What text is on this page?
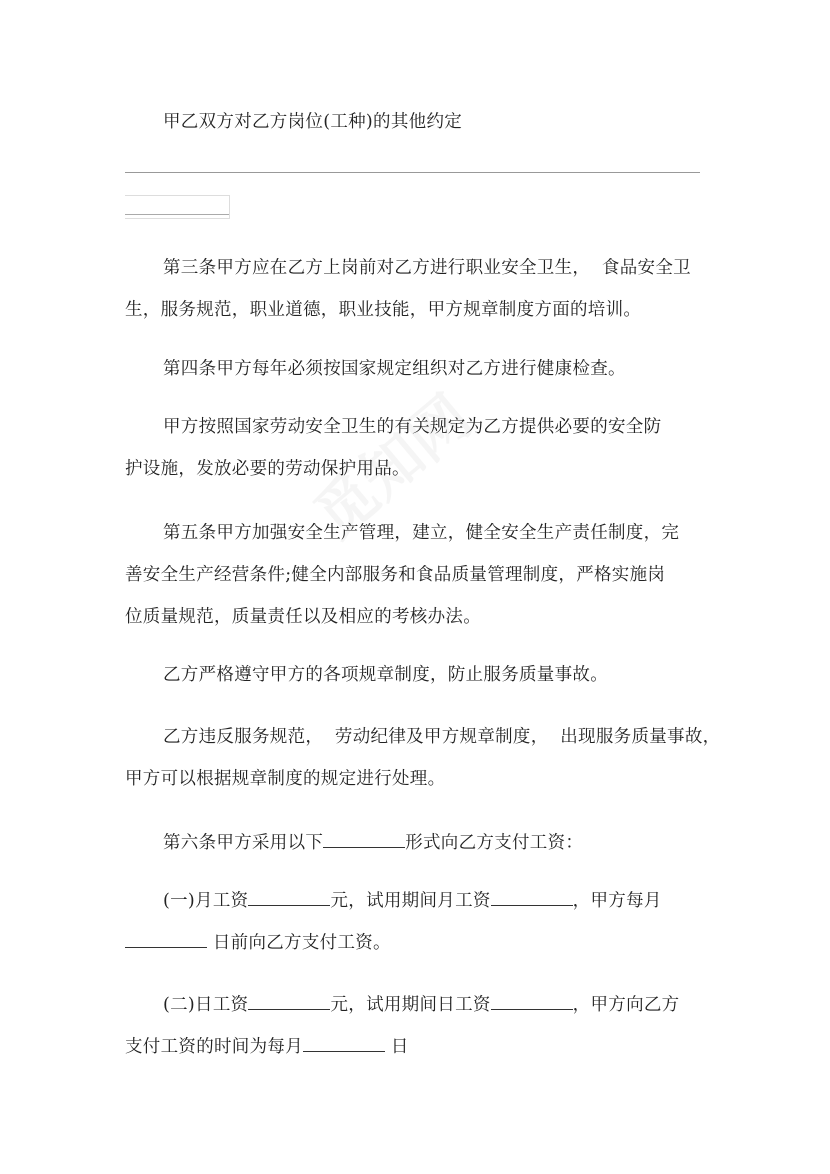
甲乙双方对乙方岗位(工种)的其他约定
第三条甲方应在乙方上岗前对乙方进行职业安全卫生，  食品安全卫
生，服务规范，职业道德，职业技能，甲方规章制度方面的培训。
第四条甲方每年必须按国家规定组织对乙方进行健康检查。
甲方按照国家劳动安全卫生的有关规定为乙方提供必要的安全防
护设施，发放必要的劳动保护用品。
第五条甲方加强安全生产管理，建立，健全安全生产责任制度，完
善安全生产经营条件;健全内部服务和食品质量管理制度，严格实施岗
位质量规范，质量责任以及相应的考核办法。
乙方严格遵守甲方的各项规章制度，防止服务质量事故。
乙方违反服务规范，  劳动纪律及甲方规章制度，  出现服务质量事故，
甲方可以根据规章制度的规定进行处理。
第六条甲方采用以下	形式向乙方支付工资：
(一)月工资	元，试用期间月工资	，甲方每月
日前向乙方支付工资。
(二)日工资	元，试用期间日工资	，甲方向乙方
支付工资的时间为每月	日
